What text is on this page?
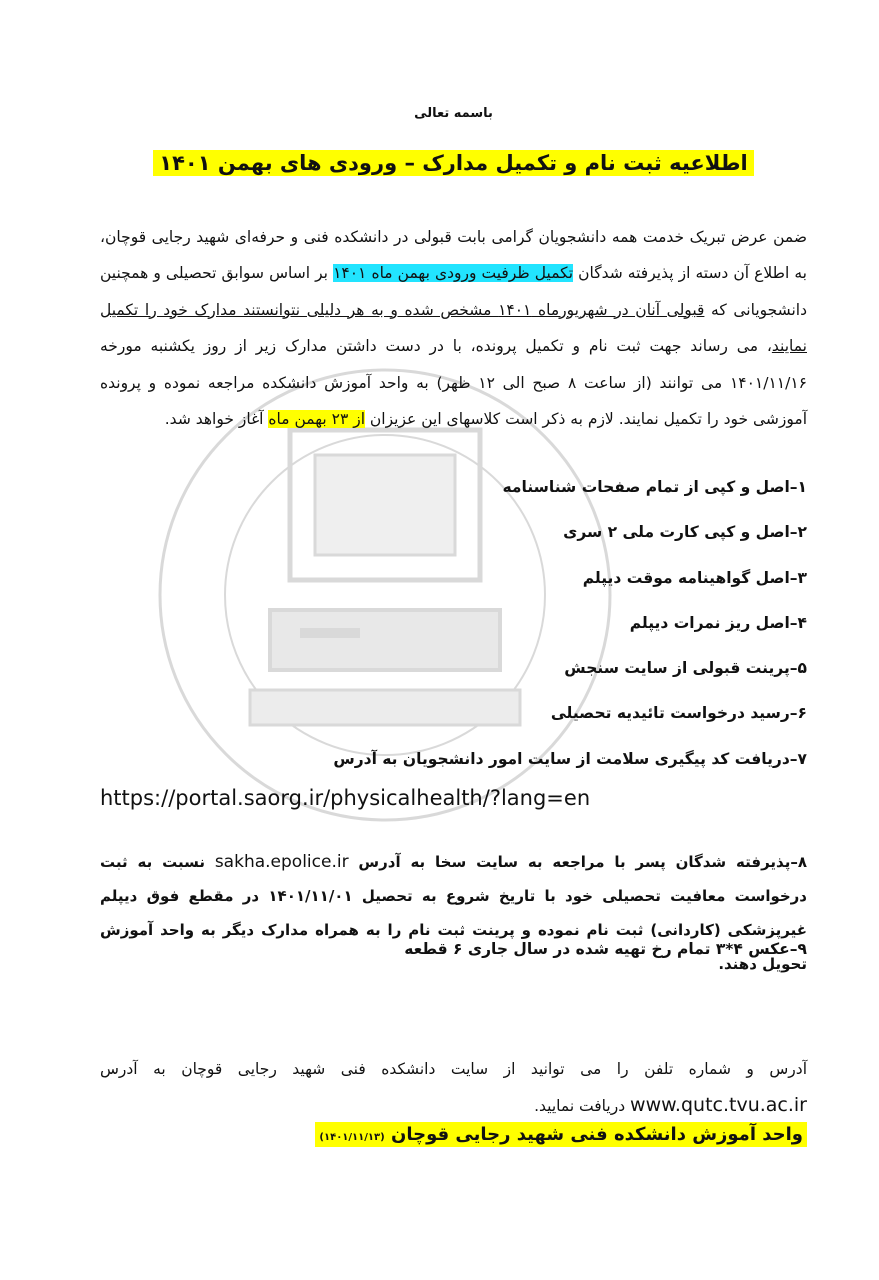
باسمه تعالی
اطلاعیه ثبت نام و تکمیل مدارک – ورودی های بهمن ۱۴۰۱

ضمن عرض تبریک خدمت همه دانشجویان گرامی بابت قبولی در دانشکده فنی و حرفه‌ای شهید رجایی قوچان، به اطلاع آن دسته از پذیرفته شدگان تکمیل ظرفیت ورودی بهمن ماه ۱۴۰۱ بر اساس سوابق تحصیلی و همچنین دانشجویانی که قبولی آنان در شهریورماه ۱۴۰۱ مشخص شده و به هر دلیلی نتوانستند مدارک خود را تکمیل نمایند، می رساند جهت ثبت نام و تکمیل پرونده، با در دست داشتن مدارک زیر از روز یکشنبه مورخه ۱۴۰۱/۱۱/۱۶ می توانند (از ساعت ۸ صبح الی ۱۲ ظهر) به واحد آموزش دانشکده مراجعه نموده و پرونده آموزشی خود را تکمیل نمایند. لازم به ذکر است کلاسهای این عزیزان از ۲۳ بهمن ماه آغاز خواهد شد.

۱–اصل و کپی از تمام صفحات شناسنامه
۲–اصل و کپی کارت ملی ۲ سری
۳–اصل گواهینامه موقت دیپلم
۴–اصل ریز نمرات دیپلم
۵–پرینت قبولی از سایت سنجش
۶–رسید درخواست تائیدیه تحصیلی
۷–دریافت کد پیگیری سلامت از سایت امور دانشجویان به آدرس
https://portal.saorg.ir/physicalhealth/?lang=en

۸–پذیرفته شدگان پسر با مراجعه به سایت سخا به آدرس sakha.epolice.ir نسبت به ثبت درخواست معافیت تحصیلی خود با تاریخ شروع به تحصیل ۱۴۰۱/۱۱/۰۱ در مقطع فوق دیپلم غیرپزشکی (کاردانی) ثبت نام نموده و پرینت ثبت نام را به همراه مدارک دیگر به واحد آموزش تحویل دهند.

۹–عکس ۴*۳ تمام رخ تهیه شده در سال جاری ۶ قطعه

آدرس و شماره تلفن را می توانید از سایت دانشکده فنی شهید رجایی قوچان به آدرس www.qutc.tvu.ac.ir دریافت نمایید.

واحد آموزش دانشکده فنی شهید رجایی قوچان (۱۴۰۱/۱۱/۱۳)
